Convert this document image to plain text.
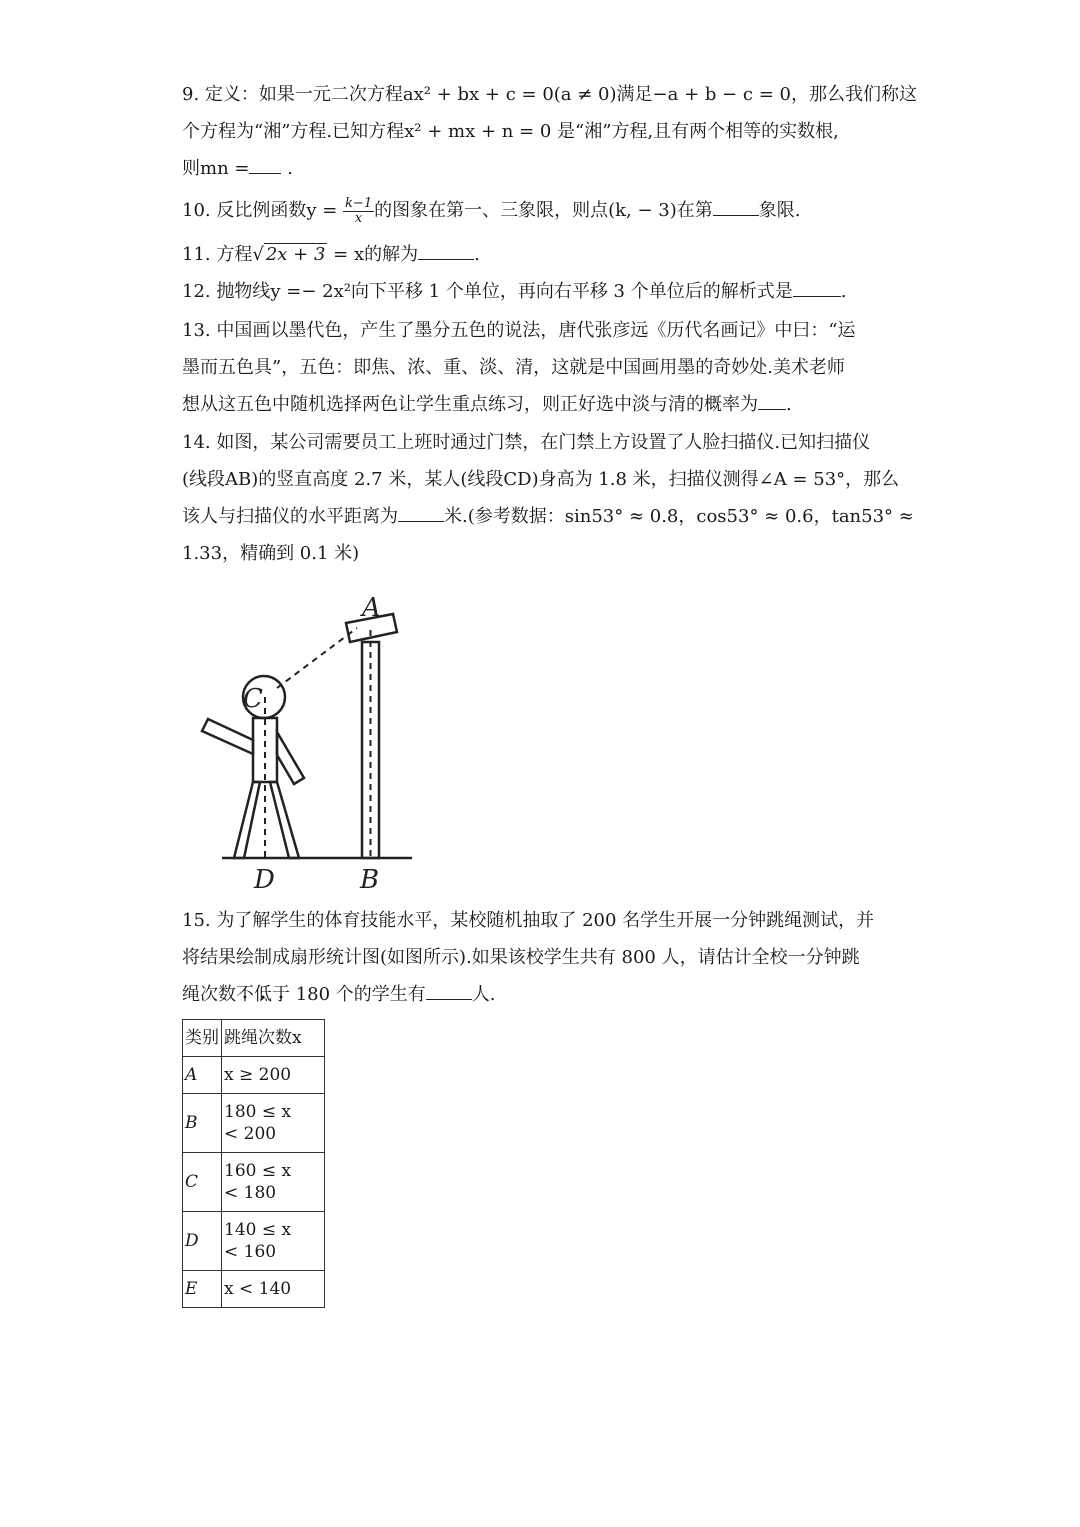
9. 定义：如果一元二次方程ax² + bx + c = 0(a ≠ 0)满足−a + b − c = 0，那么我们称这

个方程为“湘”方程.已知方程x² + mx + n = 0 是“湘”方程,且有两个相等的实数根,

则mn = .

10. 反比例函数$y = \frac{k-1}{x}$ 的图象在第一、三象限，则点(k, − 3)在第	象限.

11. 方程√ 2x + 3 = x的解为	.

12. 抛物线y =− 2x²向下平移 1 个单位，再向右平移 3 个单位后的解析式是	.

13. 中国画以墨代色，产生了墨分五色的说法，唐代张彦远《历代名画记》中曰：“运

墨而五色具”，五色：即焦、浓、重、淡、清，这就是中国画用墨的奇妙处.美术老师

想从这五色中随机选择两色让学生重点练习，则正好选中淡与清的概率为 .

14. 如图，某公司需要员工上班时通过门禁，在门禁上方设置了人脸扫描仪.已知扫描仪

(线段AB)的竖直高度 2.7 米，某人(线段CD)身高为 1.8 米，扫描仪测得∠A = 53°，那么

该人与扫描仪的水平距离为	米.(参考数据：sin53° ≈ 0.8，cos53° ≈ 0.6，tan53° ≈

1.33，精确到 0.1 米)

A
C
D	B

15. 为了解学生的体育技能水平，某校随机抽取了 200 名学生开展一分钟跳绳测试，并

将结果绘制成扇形统计图(如图所示).如果该校学生共有 800 人，请估计全校一分钟跳

绳次数不 •低 •于 • 180 个的学生有	人.

类别	跳绳次数x
A	x ≥ 200

B	180 ≤ x
< 200

C	160 ≤ x
< 180

D	140 ≤ x
< 160

E	x < 140
